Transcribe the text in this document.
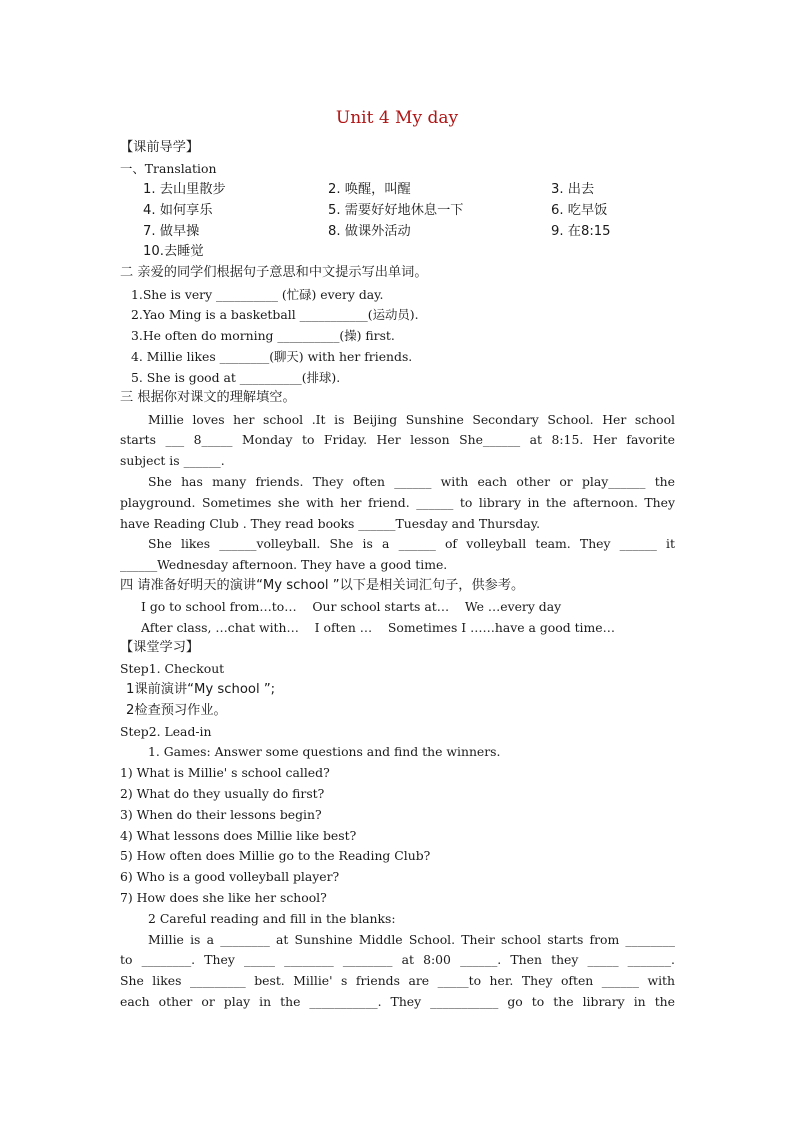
Unit 4 My day
【课前导学】
一、Translation
1. 去山里散步	2. 唤醒，叫醒	3. 出去
4. 如何享乐	5. 需要好好地休息一下	6. 吃早饭
7. 做早操	8. 做课外活动	9. 在8:15
10.去睡觉
二 亲爱的同学们根据句子意思和中文提示写出单词。
1.She is very __________ (忙碌) every day.
2.Yao Ming is a basketball ___________(运动员).
3.He often do morning __________(操) first.
4. Millie likes ________(聊天) with her friends.
5. She is good at __________(排球).
三 根据你对课文的理解填空。
Millie loves her school .It is Beijing Sunshine Secondary School. Her school
starts ___ 8_____ Monday to Friday. Her lesson She______ at 8:15. Her favorite
subject is ______.
She has many friends. They often ______ with each other or play______ the
playground. Sometimes she with her friend. ______ to library in the afternoon. They
have Reading Club . They read books ______Tuesday and Thursday.
She likes ______volleyball. She is a ______ of volleyball team. They ______ it
______Wednesday afternoon. They have a good time.
四 请准备好明天的演讲“My school ”以下是相关词汇句子，供参考。
I go to school from…to…    Our school starts at…    We …every day
After class, …chat with…    I often …    Sometimes I ……have a good time…
【课堂学习】
Step1. Checkout
1课前演讲“My school ”;
2检查预习作业。
Step2. Lead-in
1. Games: Answer some questions and find the winners.
1) What is Millie' s school called?
2) What do they usually do first?
3) When do their lessons begin?
4) What lessons does Millie like best?
5) How often does Millie go to the Reading Club?
6) Who is a good volleyball player?
7) How does she like her school?
2 Careful reading and fill in the blanks:
Millie is a ________ at Sunshine Middle School. Their school starts from ________
to ________. They _____ ________ ________ at 8:00 ______. Then they _____ _______.
She likes _________ best. Millie' s friends are _____to her. They often ______ with
each other or play in the ___________. They ___________ go to the library in the
